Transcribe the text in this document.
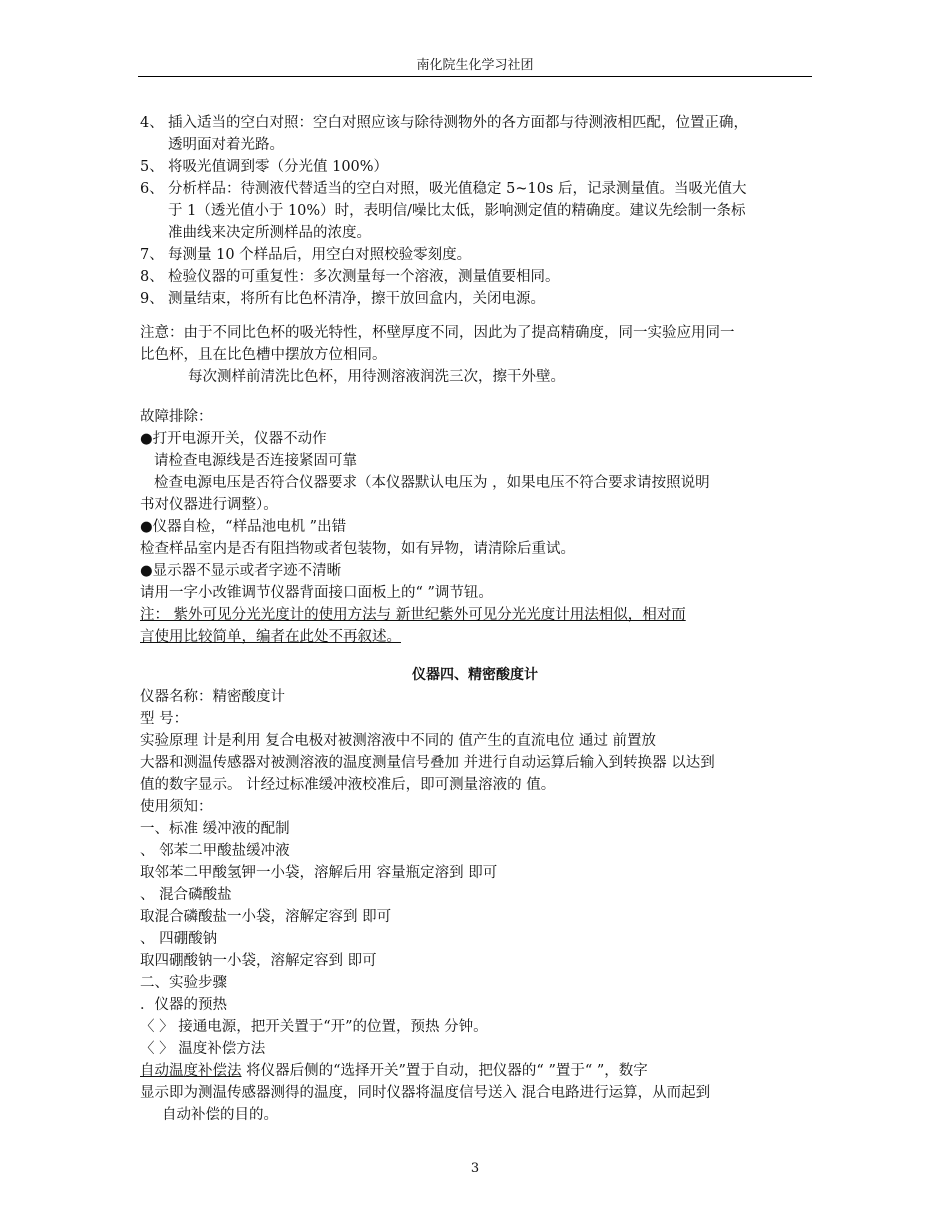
南化院生化学习社团
4、 插入适当的空白对照：空白对照应该与除待测物外的各方面都与待测液相匹配，位置正确，
透明面对着光路。
5、 将吸光值调到零（分光值 100%）
6、 分析样品：待测液代替适当的空白对照，吸光值稳定 5~10s 后，记录测量值。当吸光值大
于 1（透光值小于 10%）时，表明信/噪比太低，影响测定值的精确度。建议先绘制一条标
准曲线来决定所测样品的浓度。
7、 每测量 10 个样品后，用空白对照校验零刻度。
8、 检验仪器的可重复性：多次测量每一个溶液，测量值要相同。
9、 测量结束，将所有比色杯清净，擦干放回盒内，关闭电源。
注意：由于不同比色杯的吸光特性，杯壁厚度不同，因此为了提高精确度，同一实验应用同一
比色杯，且在比色槽中摆放方位相同。
每次测样前清洗比色杯，用待测溶液润洗三次，擦干外壁。
故障排除：
●打开电源开关，仪器不动作
请检查电源线是否连接紧固可靠
检查电源电压是否符合仪器要求（本仪器默认电压为 ，如果电压不符合要求请按照说明
书对仪器进行调整）。
●仪器自检，“样品池电机 ”出错
检查样品室内是否有阻挡物或者包装物，如有异物，请清除后重试。
●显示器不显示或者字迹不清晰
请用一字小改锥调节仪器背面接口面板上的“ ”调节钮。
注： 紫外可见分光光度计的使用方法与 新世纪紫外可见分光光度计用法相似，相对而
言使用比较简单，编者在此处不再叙述。
仪器四、精密酸度计
仪器名称：精密酸度计
型 号：
实验原理 计是利用 复合电极对被测溶液中不同的 值产生的直流电位 通过 前置放
大器和测温传感器对被测溶液的温度测量信号叠加 并进行自动运算后输入到转换器 以达到
值的数字显示。 计经过标准缓冲液校准后，即可测量溶液的 值。
使用须知：
一、标准 缓冲液的配制
、 邻苯二甲酸盐缓冲液
取邻苯二甲酸氢钾一小袋，溶解后用 容量瓶定溶到 即可
、 混合磷酸盐
取混合磷酸盐一小袋，溶解定容到 即可
、 四硼酸钠
取四硼酸钠一小袋，溶解定容到 即可
二、实验步骤
．仪器的预热
〈 〉 接通电源，把开关置于“开”的位置，预热 分钟。
〈 〉 温度补偿方法
自动温度补偿法 将仪器后侧的“选择开关”置于自动，把仪器的“ ”置于“ ”，数字
显示即为测温传感器测得的温度，同时仪器将温度信号送入 混合电路进行运算，从而起到
自动补偿的目的。
3
